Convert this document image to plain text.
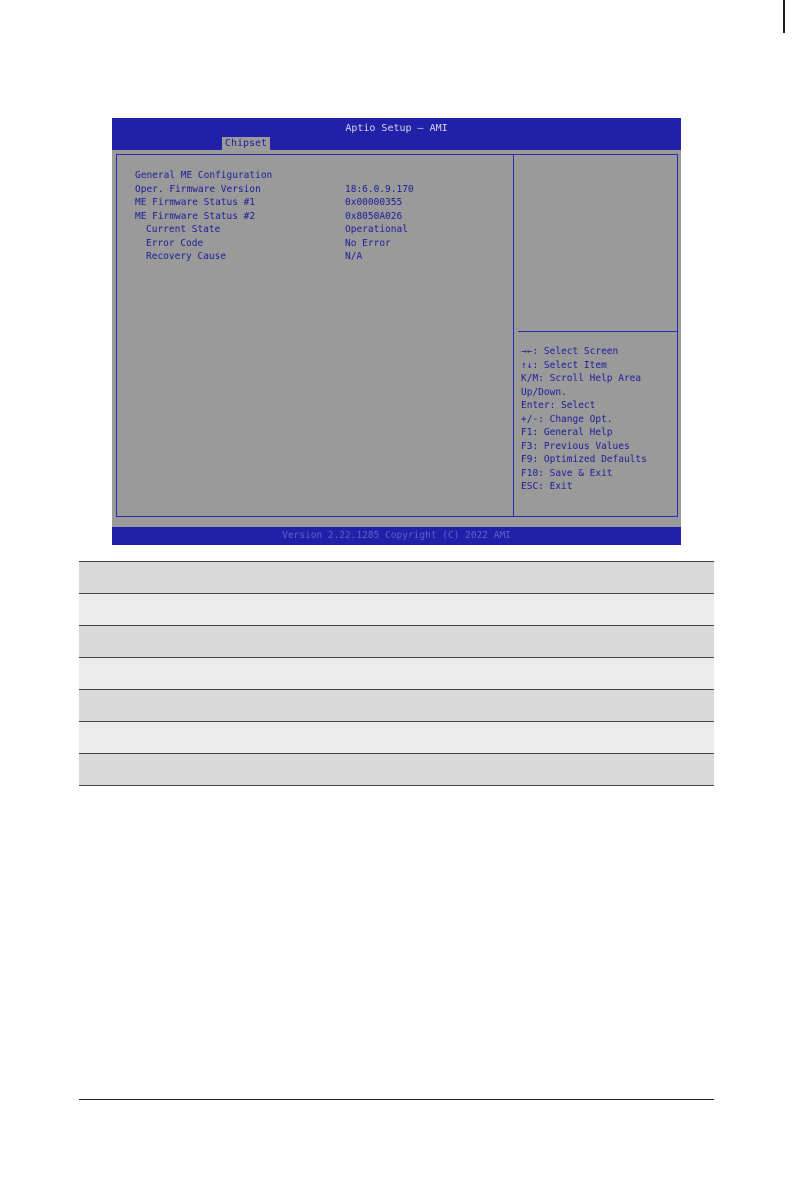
Aptio Setup – AMI
Chipset
General ME Configuration
Oper. Firmware Version	18:6.0.9.170
ME Firmware Status #1	0x00000355
ME Firmware Status #2	0x8050A026
Current State	Operational
Error Code	No Error
Recovery Cause	N/A
→←: Select Screen
↑↓: Select Item
K/M: Scroll Help Area
Up/Down.
Enter: Select
+/-: Change Opt.
F1: General Help
F3: Previous Values
F9: Optimized Defaults
F10: Save & Exit
ESC: Exit
Version 2.22.1285 Copyright (C) 2022 AMI
